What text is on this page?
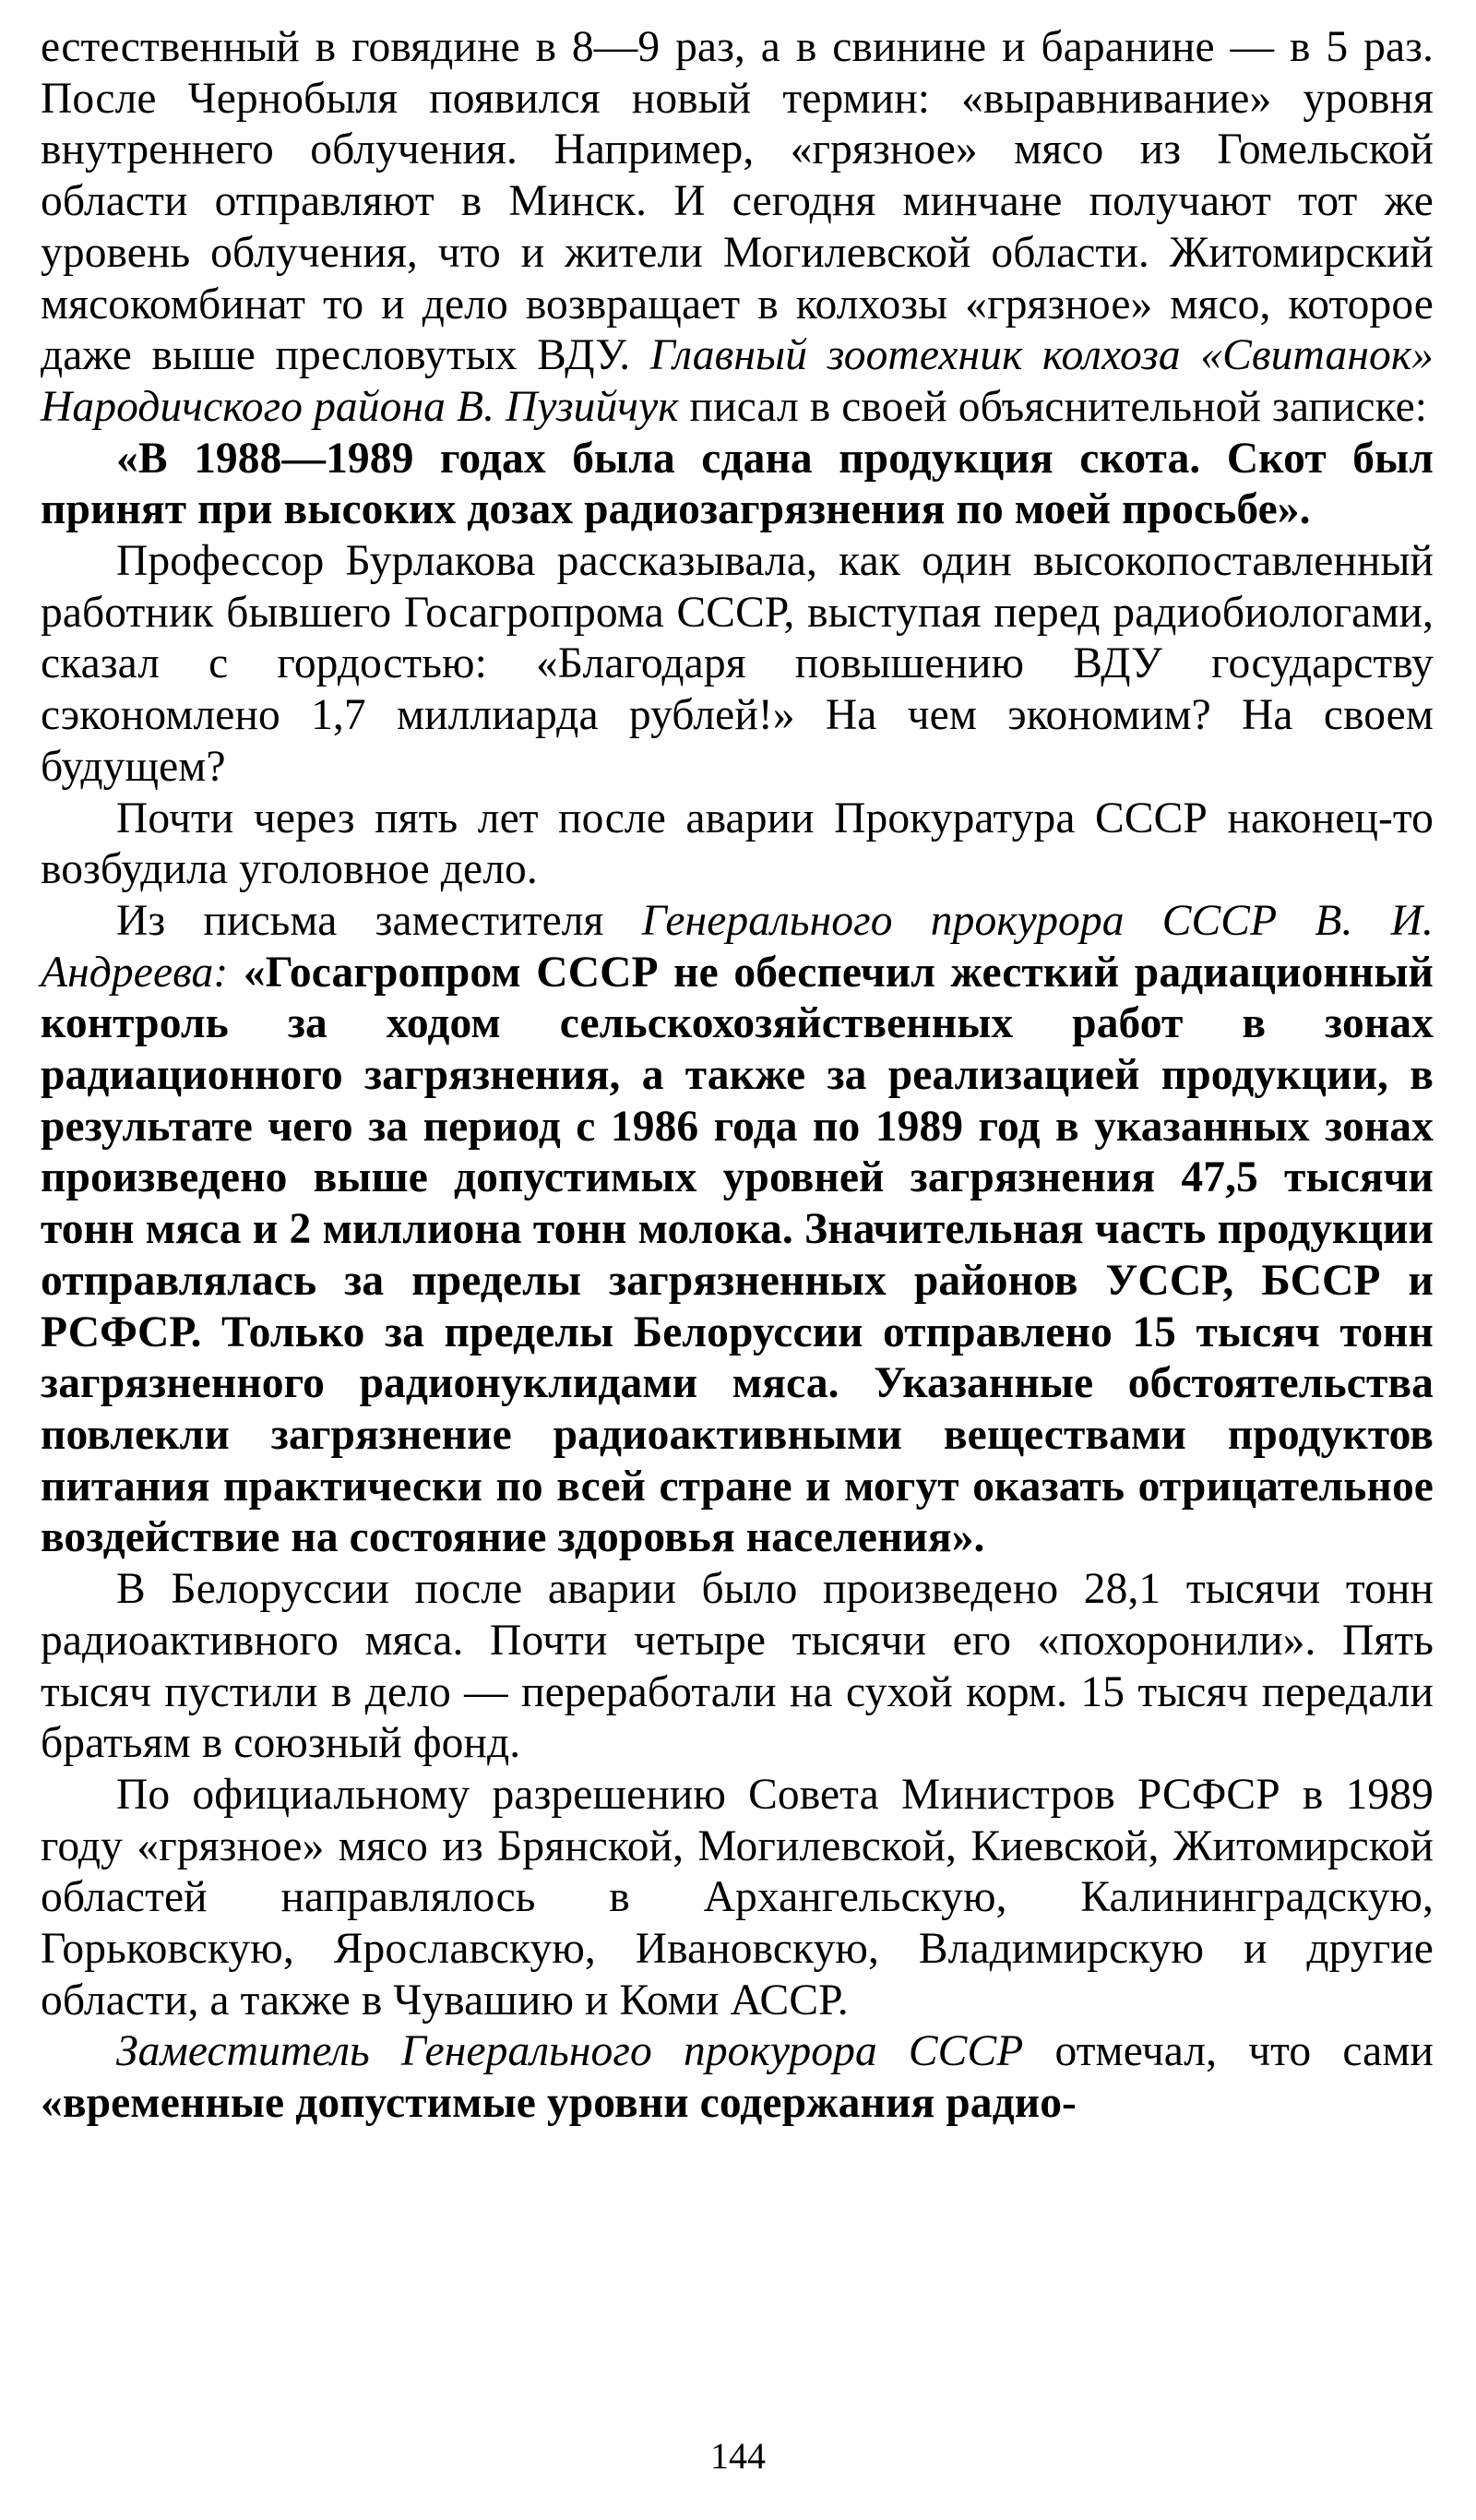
естественный в говядине в 8—9 раз, а в свинине и баранине — в 5 раз. После Чернобыля появился новый термин: «выравнивание» уровня внутреннего облучения. Например, «грязное» мясо из Гомельской области отправляют в Минск. И сегодня минчане получают тот же уровень облучения, что и жители Могилевской области. Житомирский мясокомбинат то и дело возвращает в колхозы «грязное» мясо, которое даже выше пресловутых ВДУ. Главный зоотехник колхоза «Свитанок» Народичского района В. Пузийчук писал в своей объяснительной записке:

«В 1988—1989 годах была сдана продукция скота. Скот был принят при высоких дозах радиозагрязнения по моей просьбе».

Профессор Бурлакова рассказывала, как один высокопоставленный работник бывшего Госагропрома СССР, выступая перед радиобиологами, сказал с гордостью: «Благодаря повышению ВДУ государству сэкономлено 1,7 миллиарда рублей!» На чем экономим? На своем будущем?

Почти через пять лет после аварии Прокуратура СССР наконец-то возбудила уголовное дело.

Из письма заместителя Генерального прокурора СССР В. И. Андреева: «Госагропром СССР не обеспечил жесткий радиационный контроль за ходом сельскохозяйственных работ в зонах радиационного загрязнения, а также за реализацией продукции, в результате чего за период с 1986 года по 1989 год в указанных зонах произведено выше допустимых уровней загрязнения 47,5 тысячи тонн мяса и 2 миллиона тонн молока. Значительная часть продукции отправлялась за пределы загрязненных районов УССР, БССР и РСФСР. Только за пределы Белоруссии отправлено 15 тысяч тонн загрязненного радионуклидами мяса. Указанные обстоятельства повлекли загрязнение радиоактивными веществами продуктов питания практически по всей стране и могут оказать отрицательное воздействие на состояние здоровья населения».

В Белоруссии после аварии было произведено 28,1 тысячи тонн радиоактивного мяса. Почти четыре тысячи его «похоронили». Пять тысяч пустили в дело — переработали на сухой корм. 15 тысяч передали братьям в союзный фонд.

По официальному разрешению Совета Министров РСФСР в 1989 году «грязное» мясо из Брянской, Могилевской, Киевской, Житомирской областей направлялось в Архангельскую, Калининградскую, Горьковскую, Ярославскую, Ивановскую, Владимирскую и другие области, а также в Чувашию и Коми АССР.

Заместитель Генерального прокурора СССР отмечал, что сами «временные допустимые уровни содержания радио-

144
